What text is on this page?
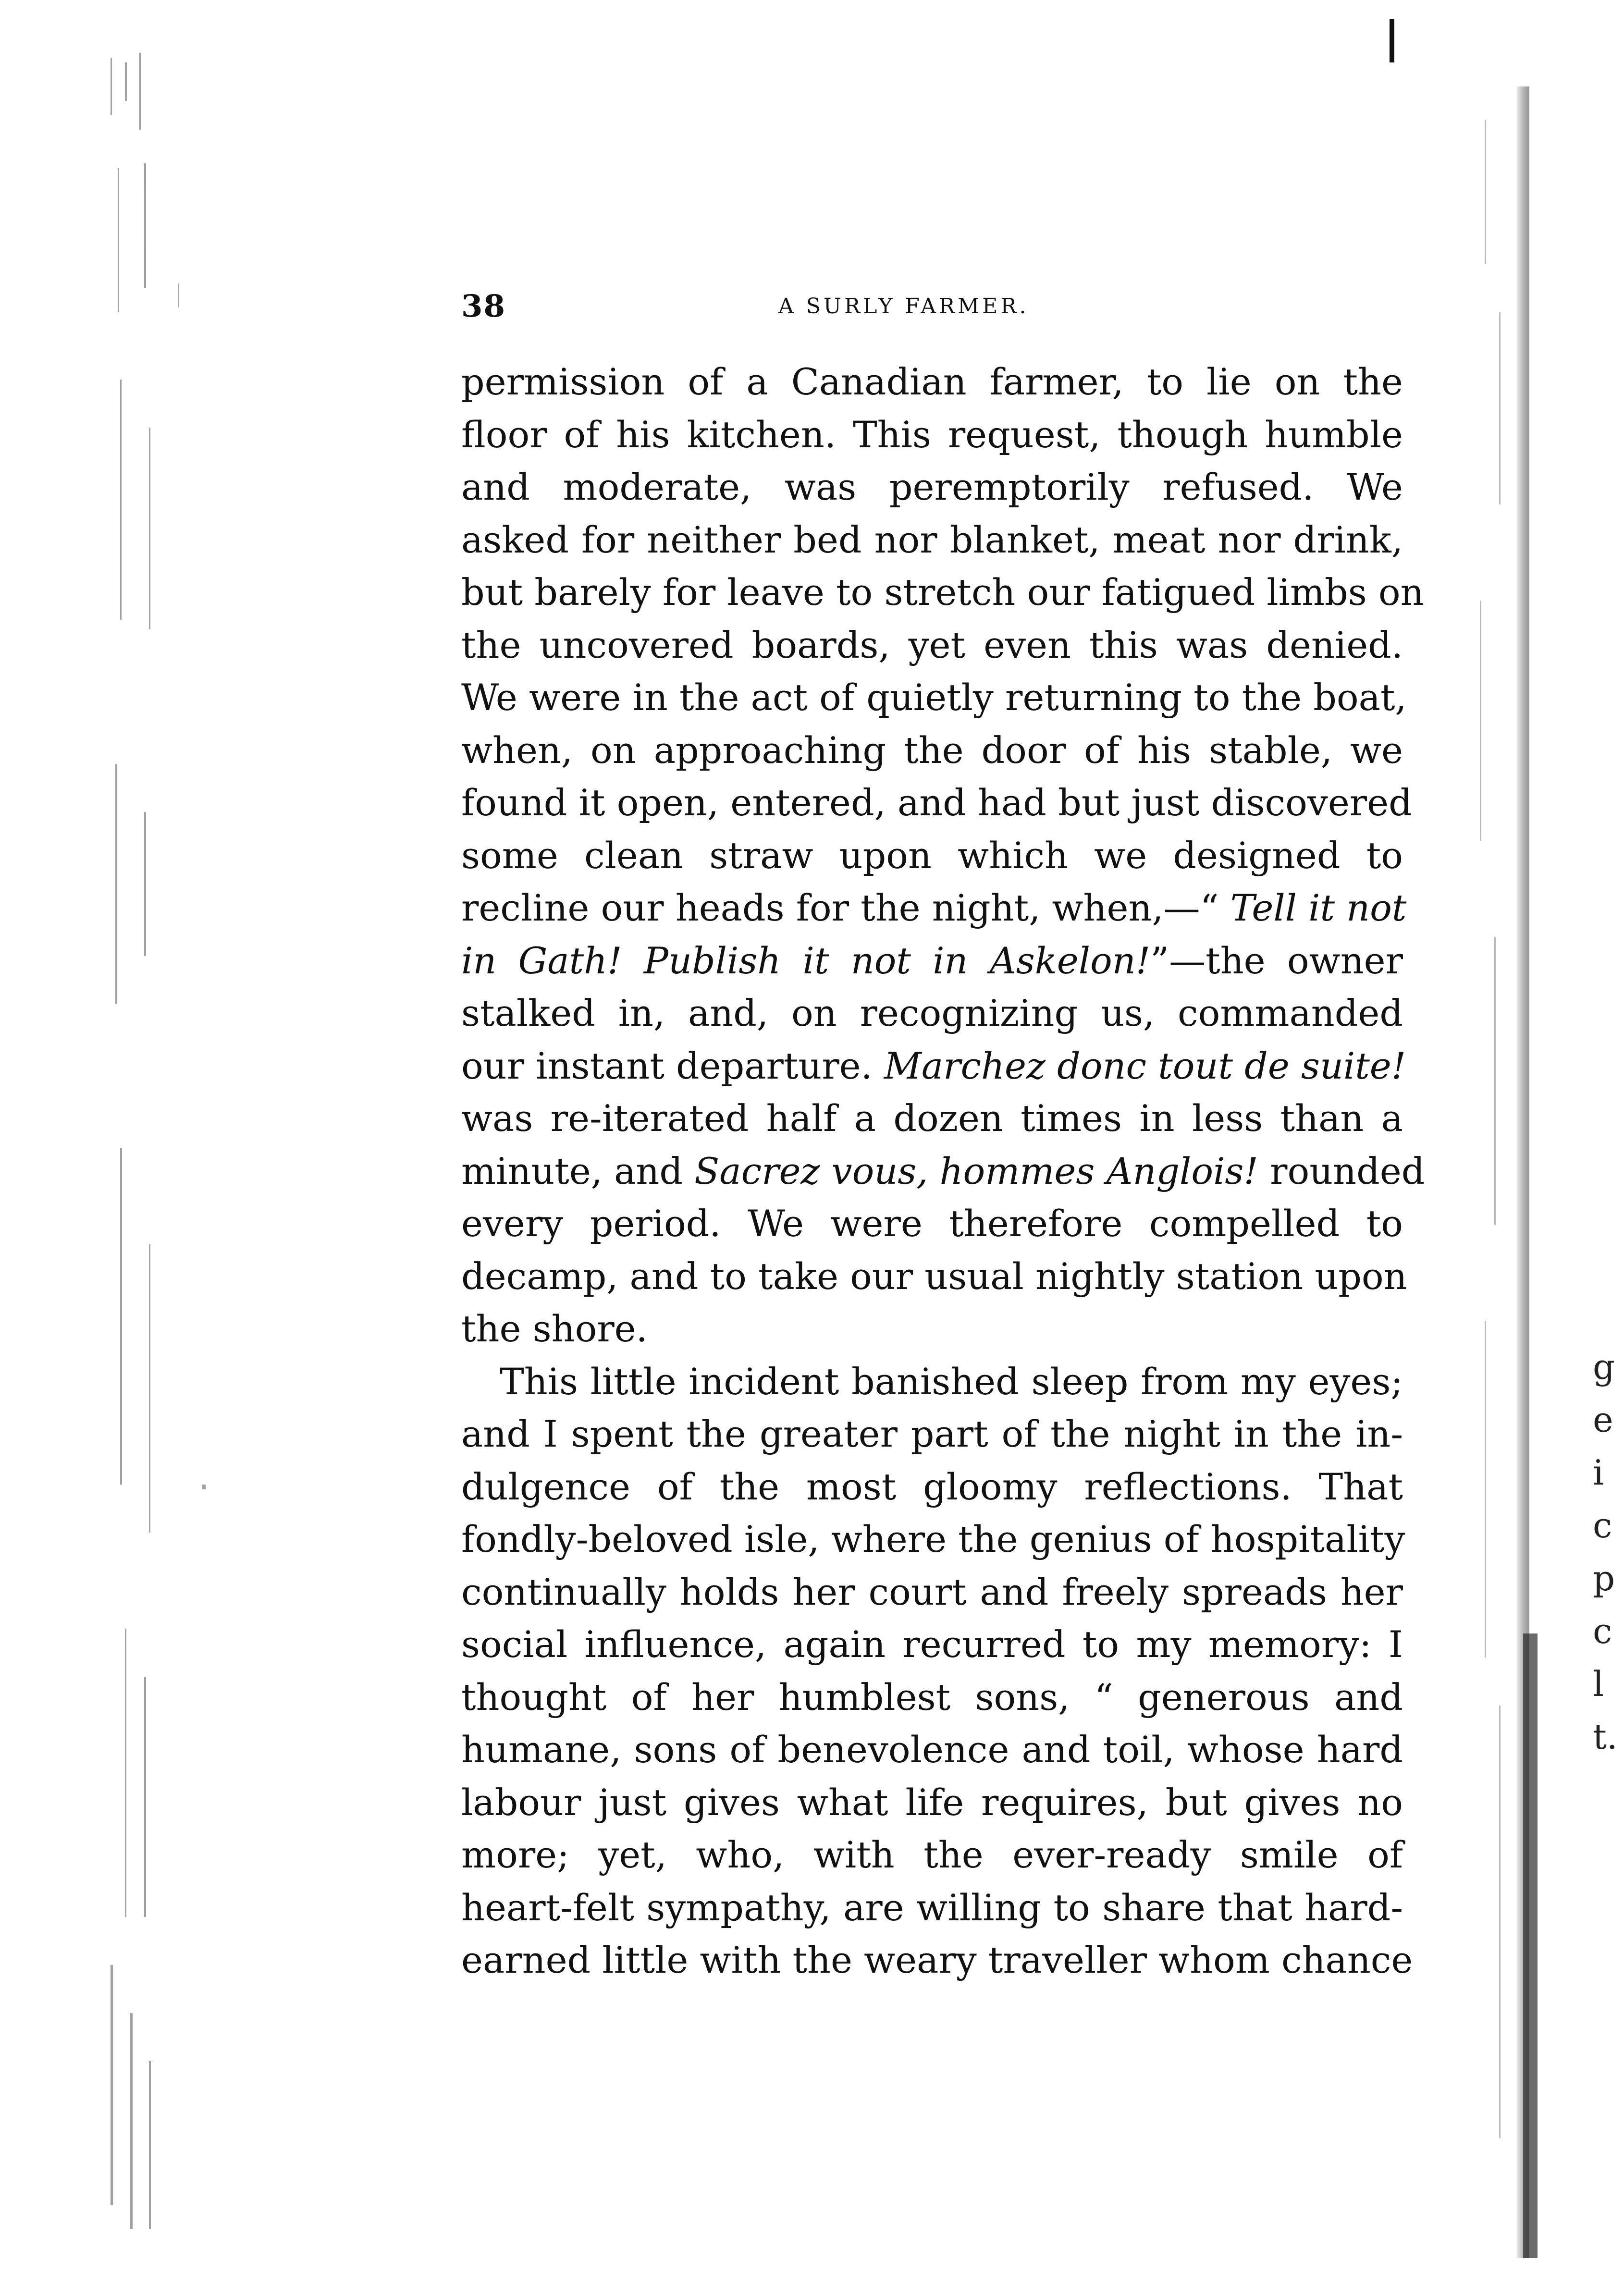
38	A SURLY FARMER.
permission of a Canadian farmer, to lie on the
floor of his kitchen. This request, though humble
and moderate, was peremptorily refused. We
asked for neither bed nor blanket, meat nor drink,
but barely for leave to stretch our fatigued limbs on
the uncovered boards, yet even this was denied.
We were in the act of quietly returning to the boat,
when, on approaching the door of his stable, we
found it open, entered, and had but just discovered
some clean straw upon which we designed to
recline our heads for the night, when,—“ Tell it not
in Gath! Publish it not in Askelon!”—the owner
stalked in, and, on recognizing us, commanded
our instant departure. Marchez donc tout de suite!
was re-iterated half a dozen times in less than a
minute, and Sacrez vous, hommes Anglois! rounded
every period. We were therefore compelled to
decamp, and to take our usual nightly station upon
the shore.
This little incident banished sleep from my eyes;
and I spent the greater part of the night in the in-
dulgence of the most gloomy reflections. That
fondly-beloved isle, where the genius of hospitality
continually holds her court and freely spreads her
social influence, again recurred to my memory: I
thought of her humblest sons, “ generous and
humane, sons of benevolence and toil, whose hard
labour just gives what life requires, but gives no
more; yet, who, with the ever-ready smile of
heart-felt sympathy, are willing to share that hard-
earned little with the weary traveller whom chance
g
e
i
c
p
c
l
t.
